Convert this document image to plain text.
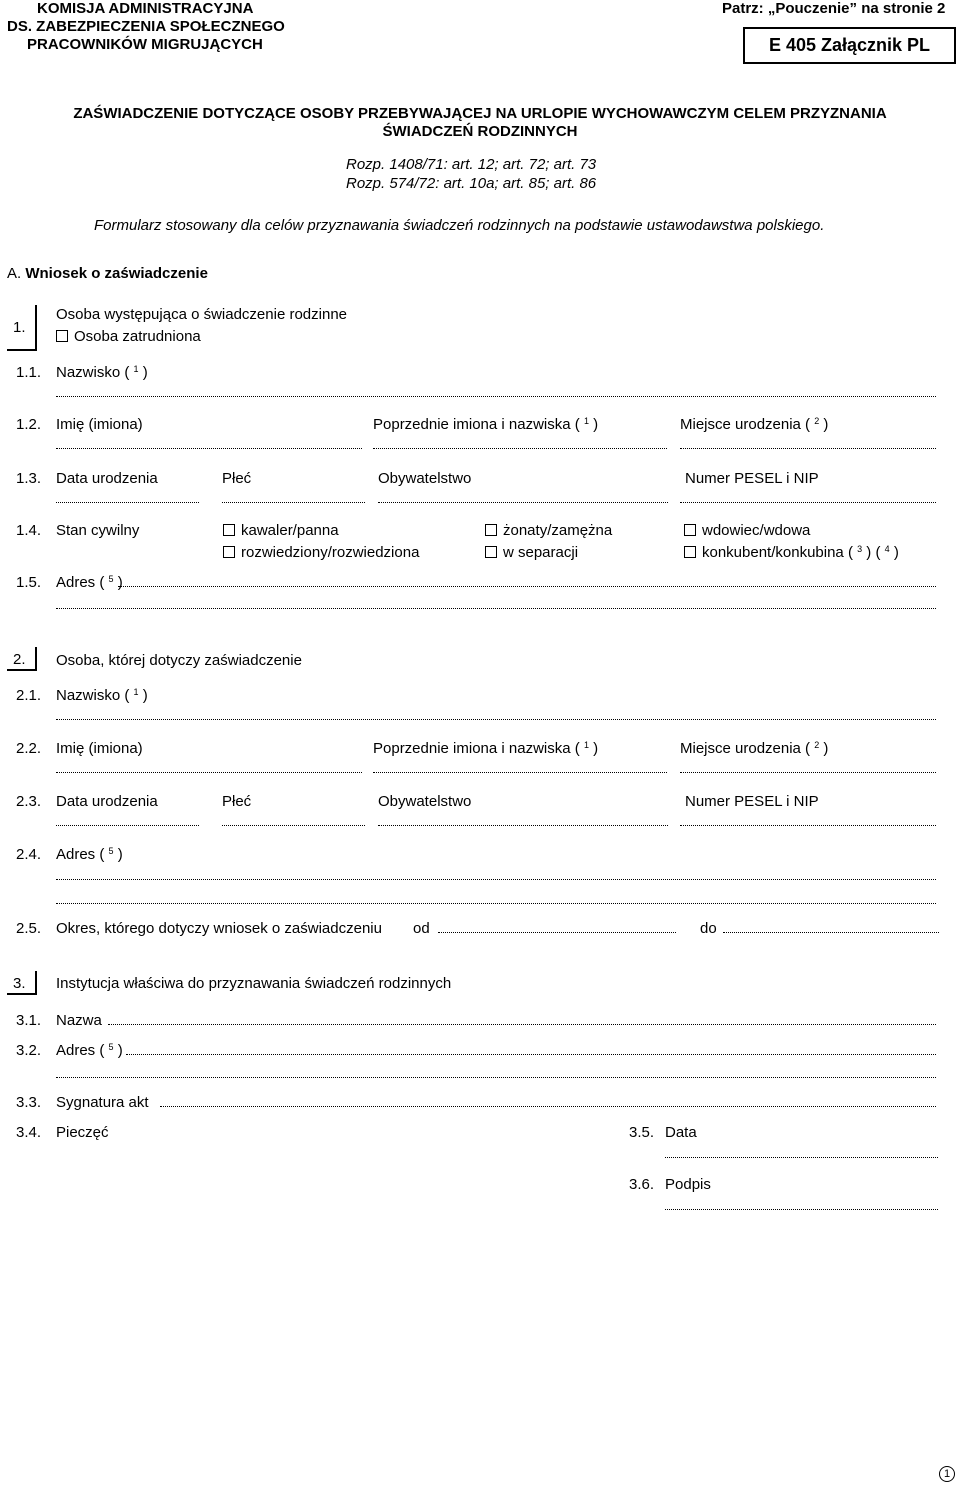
KOMISJA ADMINISTRACYJNA
DS. ZABEZPIECZENIA SPOŁECZNEGO
PRACOWNIKÓW MIGRUJĄCYCH
Patrz: „Pouczenie” na stronie 2
E 405 Załącznik PL
ZAŚWIADCZENIE DOTYCZĄCE OSOBY PRZEBYWAJĄCEJ NA URLOPIE WYCHOWAWCZYM CELEM PRZYZNANIA
ŚWIADCZEŃ RODZINNYCH
Rozp. 1408/71: art. 12; art. 72; art. 73
Rozp. 574/72: art. 10a; art. 85; art. 86
Formularz stosowany dla celów przyznawania świadczeń rodzinnych na podstawie ustawodawstwa polskiego.
A. Wniosek o zaświadczenie
1.
Osoba występująca o świadczenie rodzinne
Osoba zatrudniona
1.1. Nazwisko ( $^1$ )
1.2. Imię (imiona)	Poprzednie imiona i nazwiska ( $^1$ )	Miejsce urodzenia ( $^2$ )
1.3. Data urodzenia	Płeć	Obywatelstwo	Numer PESEL i NIP
1.4. Stan cywilny	kawaler/panna	żonaty/zamężna	wdowiec/wdowa
rozwiedziony/rozwiedziona	w separacji	konkubent/konkubina ( $^3$ ) ( $^4$ )
1.5. Adres ( $^5$ )
2. Osoba, której dotyczy zaświadczenie
2.1. Nazwisko ( $^1$ )
2.2. Imię (imiona)	Poprzednie imiona i nazwiska ( $^1$ )	Miejsce urodzenia ( $^2$ )
2.3. Data urodzenia	Płeć	Obywatelstwo	Numer PESEL i NIP
2.4. Adres ( $^5$ )
2.5. Okres, którego dotyczy wniosek o zaświadczeniu od	do
3. Instytucja właściwa do przyznawania świadczeń rodzinnych
3.1. Nazwa
3.2. Adres ( $^5$ )
3.3. Sygnatura akt
3.4. Pieczęć	3.5. Data
3.6. Podpis
1
